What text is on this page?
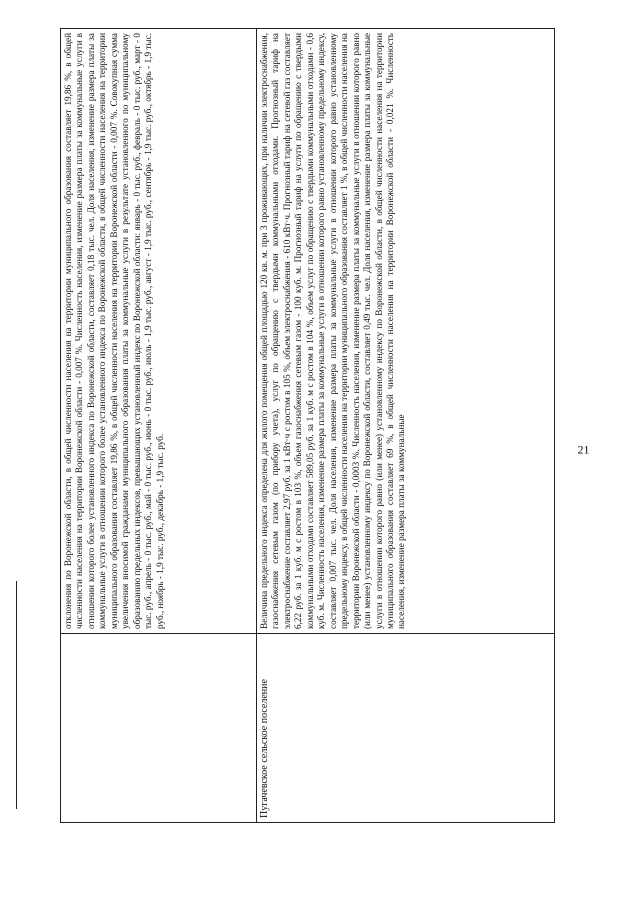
21
	отклонения по Воронежской области, в общей численности населения на территории муниципального образования составляет 19,86 %, в общей численности населения на территории Воронежской области - 0,007 %. Численность населения, изменение размера платы за коммунальные услуги в отношении которого более установленного индекса по Воронежской области, составляет 0,18 тыс. чел. Доля населения, изменение размера платы за коммунальные услуги в отношении которого более установленного индекса по Воронежской области, в общей численности населения на территории муниципального образования составляет 19,86 %, в общей численности населения на территории Воронежской области - 0,007 %. Совокупная сумма увеличения вносимой гражданами муниципального образования платы за коммунальные услуги в результате установленного по муниципальному образованию предельных индексов, превышающих установленный индекс по Воронежской области: январь - 0 тыс. руб., февраль - 0 тыс. руб., март - 0 тыс. руб., апрель - 0 тыс. руб., май - 0 тыс. руб., июнь - 0 тыс. руб., июль - 1,9 тыс. руб., август - 1,9 тыс. руб., сентябрь - 1,9 тыс. руб., октябрь - 1,9 тыс. руб., ноябрь - 1,9 тыс. руб., декабрь - 1,9 тыс. руб.
Пугачевское сельское поселение	Величина предельного индекса определена для жилого помещения общей площадью 120 кв. м. при 3 проживающих, при наличии электроснабжения, газоснабжения сетевым газом (по прибору учета), услуг по обращению с твердыми коммунальными отходами. Прогнозный тариф на электроснабжение составляет 2,97 руб. за 1 кВт·ч с ростом в 105 %, объем электроснабжения - 610 кВт·ч. Прогнозный тариф на сетевой газ составляет 6,22 руб. за 1 куб. м с ростом в 103 %, объем газоснабжения сетевым газом - 100 куб. м. Прогнозный тариф на услуги по обращению с твердыми коммунальными отходами составляет 589,05 руб. за 1 куб. м с ростом в 104 %, объем услуг по обращению с твердыми коммунальными отходами - 0,6 куб. м. Численность населения, изменение размера платы за коммунальные услуги в отношении которого равно установленному предельному индексу, составляет 0,007 тыс. чел. Доля населения, изменение размера платы за коммунальные услуги в отношении которого равно установленному предельному индексу, в общей численности населения на территории муниципального образования составляет 1 %, в общей численности населения на территории Воронежской области - 0,0003 %. Численность населения, изменение размера платы за коммунальные услуги в отношении которого равно (или менее) установленному индексу по Воронежской области, составляет 0,49 тыс. чел. Доля населения, изменение размера платы за коммунальные услуги в отношении которого равно (или менее) установленному индексу по Воронежской области, в общей численности населения на территории муниципального образования составляет 69 %, в общей численности населения на территории Воронежской области - 0,021 %. Численность населения, изменение размера платы за коммунальные
